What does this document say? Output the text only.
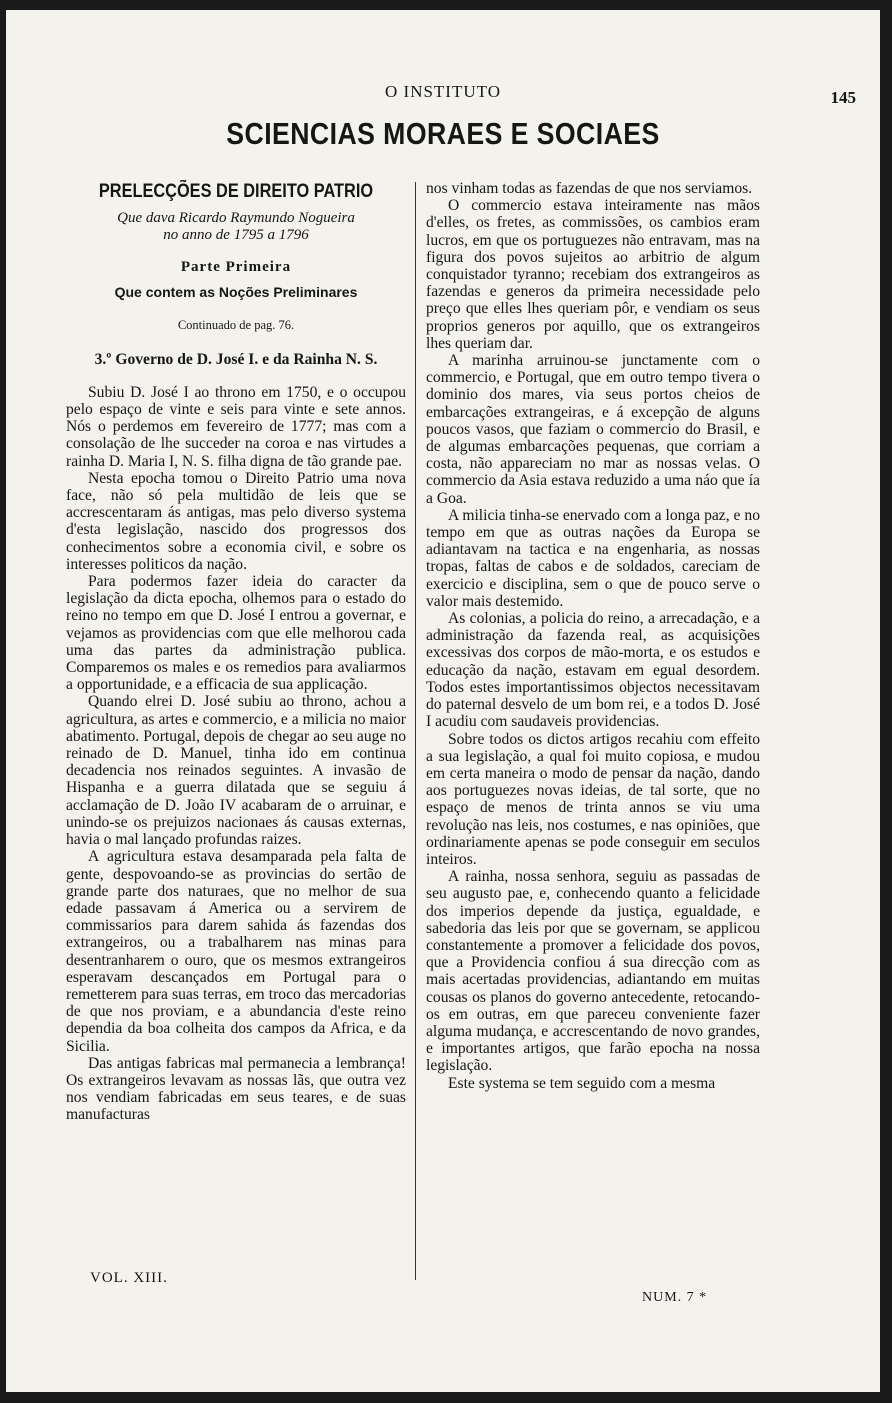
O INSTITUTO	145
SCIENCIAS MORAES E SOCIAES
PRELECÇÕES DE DIREITO PATRIO

Que dava Ricardo Raymundo Nogueira

no anno de 1795 a 1796

Parte Primeira
Que contem as Noções Preliminares
Continuado de pag. 76.
3.º Governo de D. José I. e da Rainha N. S.

Subiu D. José I ao throno em 1750, e o occupou pelo espaço de vinte e seis para vinte e sete annos. Nós o perdemos em fevereiro de 1777; mas com a consolação de lhe succeder na coroa e nas virtudes a rainha D. Maria I, N. S. filha digna de tão grande pae.

Nesta epocha tomou o Direito Patrio uma nova face, não só pela multidão de leis que se accrescentaram ás antigas, mas pelo diverso systema d'esta legislação, nascido dos progressos dos conhecimentos sobre a economia civil, e sobre os interesses politicos da nação.

Para podermos fazer ideia do caracter da legislação da dicta epocha, olhemos para o estado do reino no tempo em que D. José I entrou a governar, e vejamos as providencias com que elle melhorou cada uma das partes da administração publica. Comparemos os males e os remedios para avaliarmos a opportunidade, e a efficacia de sua applicação.

Quando elrei D. José subiu ao throno, achou a agricultura, as artes e commercio, e a milicia no maior abatimento. Portugal, depois de chegar ao seu auge no reinado de D. Manuel, tinha ido em continua decadencia nos reinados seguintes. A invasão de Hispanha e a guerra dilatada que se seguiu á acclamação de D. João IV acabaram de o arruinar, e unindo-se os prejuizos nacionaes ás causas externas, havia o mal lançado profundas raizes.

A agricultura estava desamparada pela falta de gente, despovoando-se as provincias do sertão de grande parte dos naturaes, que no melhor de sua edade passavam á America ou a servirem de commissarios para darem sahida ás fazendas dos extrangeiros, ou a trabalharem nas minas para desentranharem o ouro, que os mesmos extrangeiros esperavam descançados em Portugal para o remetterem para suas terras, em troco das mercadorias de que nos proviam, e a abundancia d'este reino dependia da boa colheita dos campos da Africa, e da Sicilia.

Das antigas fabricas mal permanecia a lembrança! Os extrangeiros levavam as nossas lãs, que outra vez nos vendiam fabricadas em seus teares, e de suas manufacturas

nos vinham todas as fazendas de que nos serviamos.

O commercio estava inteiramente nas mãos d'elles, os fretes, as commissões, os cambios eram lucros, em que os portuguezes não entravam, mas na figura dos povos sujeitos ao arbitrio de algum conquistador tyranno; recebiam dos extrangeiros as fazendas e generos da primeira necessidade pelo preço que elles lhes queriam pôr, e vendiam os seus proprios generos por aquillo, que os extrangeiros lhes queriam dar.

A marinha arruinou-se junctamente com o commercio, e Portugal, que em outro tempo tivera o dominio dos mares, via seus portos cheios de embarcações extrangeiras, e á excepção de alguns poucos vasos, que faziam o commercio do Brasil, e de algumas embarcações pequenas, que corriam a costa, não appareciam no mar as nossas velas. O commercio da Asia estava reduzido a uma náo que ía a Goa.

A milicia tinha-se enervado com a longa paz, e no tempo em que as outras nações da Europa se adiantavam na tactica e na engenharia, as nossas tropas, faltas de cabos e de soldados, careciam de exercicio e disciplina, sem o que de pouco serve o valor mais destemido.

As colonias, a policia do reino, a arrecadação, e a administração da fazenda real, as acquisições excessivas dos corpos de mão-morta, e os estudos e educação da nação, estavam em egual desordem. Todos estes importantissimos objectos necessitavam do paternal desvelo de um bom rei, e a todos D. José I acudiu com saudaveis providencias.

Sobre todos os dictos artigos recahiu com effeito a sua legislação, a qual foi muito copiosa, e mudou em certa maneira o modo de pensar da nação, dando aos portuguezes novas ideias, de tal sorte, que no espaço de menos de trinta annos se viu uma revolução nas leis, nos costumes, e nas opiniões, que ordinariamente apenas se pode conseguir em seculos inteiros.

A rainha, nossa senhora, seguiu as passadas de seu augusto pae, e, conhecendo quanto a felicidade dos imperios depende da justiça, egualdade, e sabedoria das leis por que se governam, se applicou constantemente a promover a felicidade dos povos, que a Providencia confiou á sua direcção com as mais acertadas providencias, adiantando em muitas cousas os planos do governo antecedente, retocando-os em outras, em que pareceu conveniente fazer alguma mudança, e accrescentando de novo grandes, e importantes artigos, que farão epocha na nossa legislação.

Este systema se tem seguido com a mesma

VOL. XIII.
NUM. 7 *
